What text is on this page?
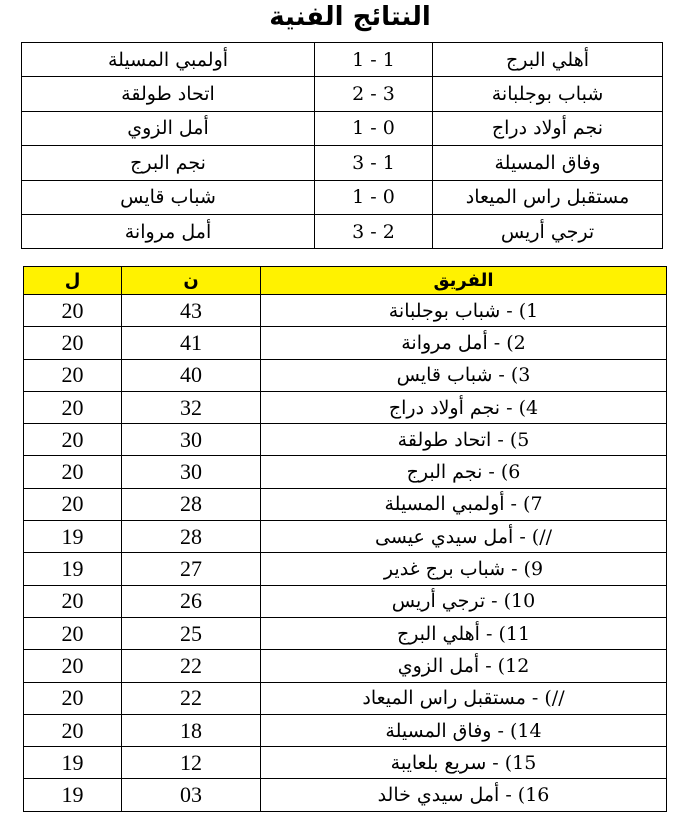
النتائج الفنية
أولمبي المسيلة	1 - 1	أهلي البرج
اتحاد طولقة	2 - 3	شباب بوجلبانة
أمل الزوي	1 - 0	نجم أولاد دراج
نجم البرج	3 - 1	وفاق المسيلة
شباب قايس	1 - 0	مستقبل راس الميعاد
أمل مروانة	3 - 2	ترجي أريس
ل	ن	الفريق
20	43	1) - شباب بوجلبانة
20	41	2) - أمل مروانة
20	40	3) - شباب قايس
20	32	4) - نجم أولاد دراج
20	30	5) - اتحاد طولقة
20	30	6) - نجم البرج
20	28	7) - أولمبي المسيلة
19	28	//) - أمل سيدي عيسى
19	27	9) - شباب برج غدير
20	26	10) - ترجي أريس
20	25	11) - أهلي البرج
20	22	12) - أمل الزوي
20	22	//) - مستقبل راس الميعاد
20	18	14) - وفاق المسيلة
19	12	15) - سريع بلعايبة
19	03	16) - أمل سيدي خالد
